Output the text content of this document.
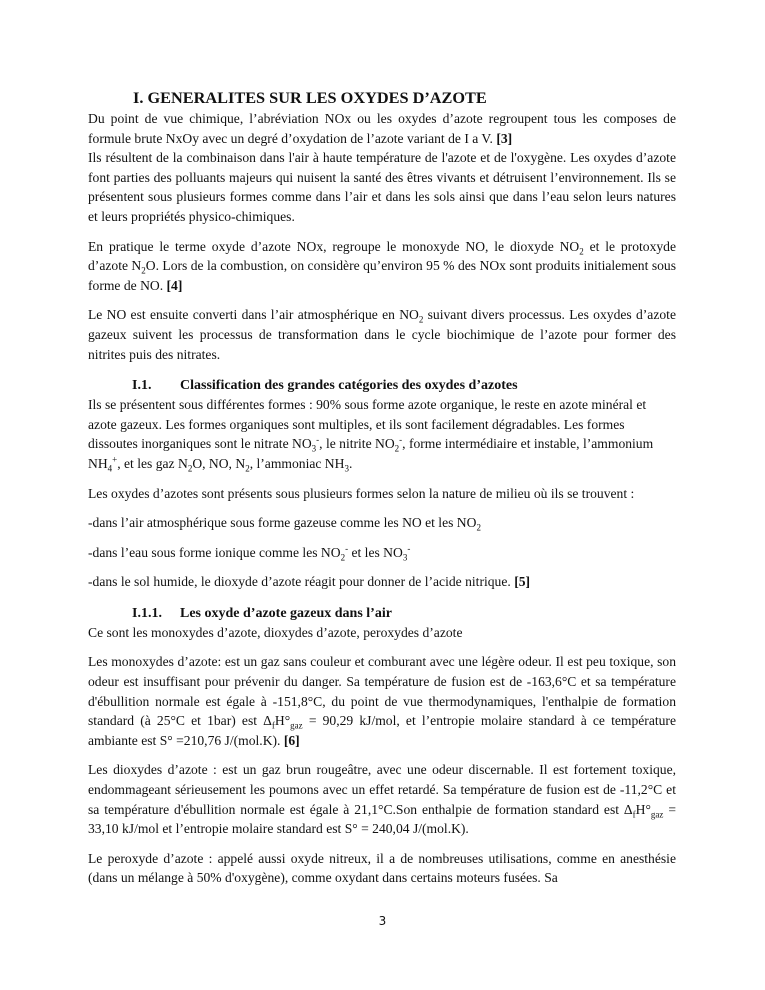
I. GENERALITES SUR LES OXYDES D’AZOTE

Du point de vue chimique, l’abréviation NOx ou les oxydes d’azote regroupent tous les composes de formule brute NxOy avec un degré d’oxydation de l’azote variant de I a V. [3]
Ils résultent de la combinaison dans l'air à haute température de l'azote et de l'oxygène. Les oxydes d’azote font parties des polluants majeurs qui nuisent la santé des êtres vivants et détruisent l’environnement. Ils se présentent sous plusieurs formes comme dans l’air et dans les sols ainsi que dans l’eau selon leurs natures et leurs propriétés physico-chimiques.

En pratique le terme oxyde d’azote NOx, regroupe le monoxyde NO, le dioxyde $NO_2$ et le protoxyde d’azote $N_2O$. Lors de la combustion, on considère qu’environ 95 % des NOx sont produits initialement sous forme de NO. [4]

Le NO est ensuite converti dans l’air atmosphérique en $NO_2$ suivant divers processus. Les oxydes d’azote gazeux suivent les processus de transformation dans le cycle biochimique de l’azote pour former des nitrites puis des nitrates.

I.1. Classification des grandes catégories des oxydes d’azotes

Ils se présentent sous différentes formes : 90% sous forme azote organique, le reste en azote minéral et azote gazeux. Les formes organiques sont multiples, et ils sont facilement dégradables. Les formes dissoutes inorganiques sont le nitrate $NO_3^-$, le nitrite $NO_2^-$, forme intermédiaire et instable, l’ammonium $NH_4^+$, et les gaz $N_2O$, NO, $N_2$, l’ammoniac $NH_3$.

Les oxydes d’azotes sont présents sous plusieurs formes selon la nature de milieu où ils se trouvent :

-dans l’air atmosphérique sous forme gazeuse comme les NO et les $NO_2$

-dans l’eau sous forme ionique comme les $NO_2^-$ et les $NO_3^-$

-dans le sol humide, le dioxyde d’azote réagit pour donner de l’acide nitrique. [5]

I.1.1. Les oxyde d’azote gazeux dans l’air

Ce sont les monoxydes d’azote, dioxydes d’azote, peroxydes d’azote

Les monoxydes d’azote: est un gaz sans couleur et comburant avec une légère odeur. Il est peu toxique, son odeur est insuffisant pour prévenir du danger. Sa température de fusion est de -163,6°C et sa température d'ébullition normale est égale à -151,8°C, du point de vue thermodynamiques, l'enthalpie de formation standard (à 25°C et 1bar) est $\Delta_fH^\circ_{gaz} = 90,29$ kJ/mol, et l’entropie molaire standard à ce température ambiante est S° =210,76 J/(mol.K). [6]

Les dioxydes d’azote : est un gaz brun rougeâtre, avec une odeur discernable. Il est fortement toxique, endommageant sérieusement les poumons avec un effet retardé. Sa température de fusion est de -11,2°C et sa température d'ébullition normale est égale à 21,1°C.Son enthalpie de formation standard est $\Delta_fH^\circ_{gaz} = 33,10$ kJ/mol et l’entropie molaire standard est S° = 240,04 J/(mol.K).

Le peroxyde d’azote : appelé aussi oxyde nitreux, il a de nombreuses utilisations, comme en anesthésie (dans un mélange à 50% d'oxygène), comme oxydant dans certains moteurs fusées. Sa

3
